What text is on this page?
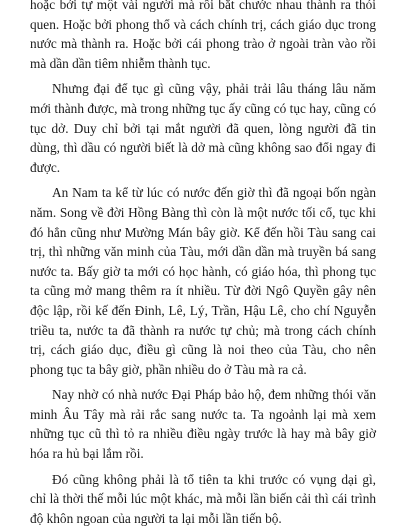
hoặc bởi tự một vài người mà rồi bắt chước nhau thành ra thói quen. Hoặc bởi phong thổ và cách chính trị, cách giáo dục trong nước mà thành ra. Hoặc bởi cái phong trào ở ngoài tràn vào rồi mà dần dần tiêm nhiễm thành tục.

Nhưng đại để tục gì cũng vậy, phải trải lâu tháng lâu năm mới thành được, mà trong những tục ấy cũng có tục hay, cũng có tục dở. Duy chỉ bởi tại mắt người đã quen, lòng người đã tin dùng, thì dầu có người biết là dở mà cũng không sao đổi ngay đi được.

An Nam ta kể từ lúc có nước đến giờ thì đã ngoại bốn ngàn năm. Song về đời Hồng Bàng thì còn là một nước tối cổ, tục khi đó hẳn cũng như Mường Mán bây giờ. Kể đến hồi Tàu sang cai trị, thì những văn minh của Tàu, mới dần dần mà truyền bá sang nước ta. Bấy giờ ta mới có học hành, có giáo hóa, thì phong tục ta cũng mở mang thêm ra ít nhiều. Từ đời Ngô Quyền gây nên độc lập, rồi kế đến Đinh, Lê, Lý, Trần, Hậu Lê, cho chí Nguyễn triều ta, nước ta đã thành ra nước tự chủ; mà trong cách chính trị, cách giáo dục, điều gì cũng là noi theo của Tàu, cho nên phong tục ta bây giờ, phần nhiều do ở Tàu mà ra cả.

Nay nhờ có nhà nước Đại Pháp bảo hộ, đem những thói văn minh Âu Tây mà rải rắc sang nước ta. Ta ngoảnh lại mà xem những tục cũ thì tỏ ra nhiều điều ngày trước là hay mà bây giờ hóa ra hủ bại lắm rồi.

Đó cũng không phải là tổ tiên ta khi trước có vụng dại gì, chỉ là thời thế mỗi lúc một khác, mà mỗi lần biến cải thì cái trình độ khôn ngoan của người ta lại mỗi lần tiến bộ.
